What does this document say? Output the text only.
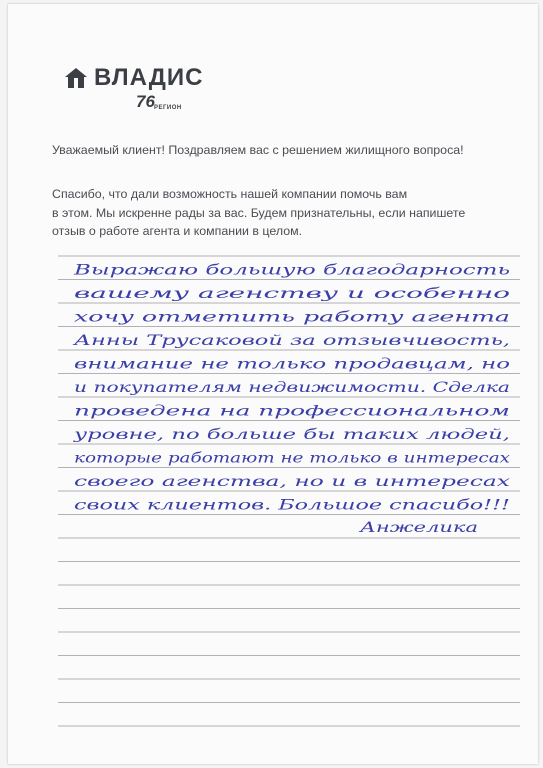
ВЛАДИС
76 РЕГИОН
Уважаемый клиент! Поздравляем вас с решением жилищного вопроса!
Спасибо, что дали возможность нашей компании помочь вам
в этом. Мы искренне рады за вас. Будем признательны, если напишете
отзыв о работе агента и компании в целом.
Выражаю большую благодарность
вашему агенству и особенно
хочу отметить работу агента
Анны Трусаковой за отзывчивость,
внимание не только продавцам, но
и покупателям недвижимости. Сделка
проведена на профессиональном
уровне, по больше бы таких людей,
которые работают не только в интересах
своего агенства, но и в интересах
своих клиентов. Большое спасибо!!!
Анжелика
